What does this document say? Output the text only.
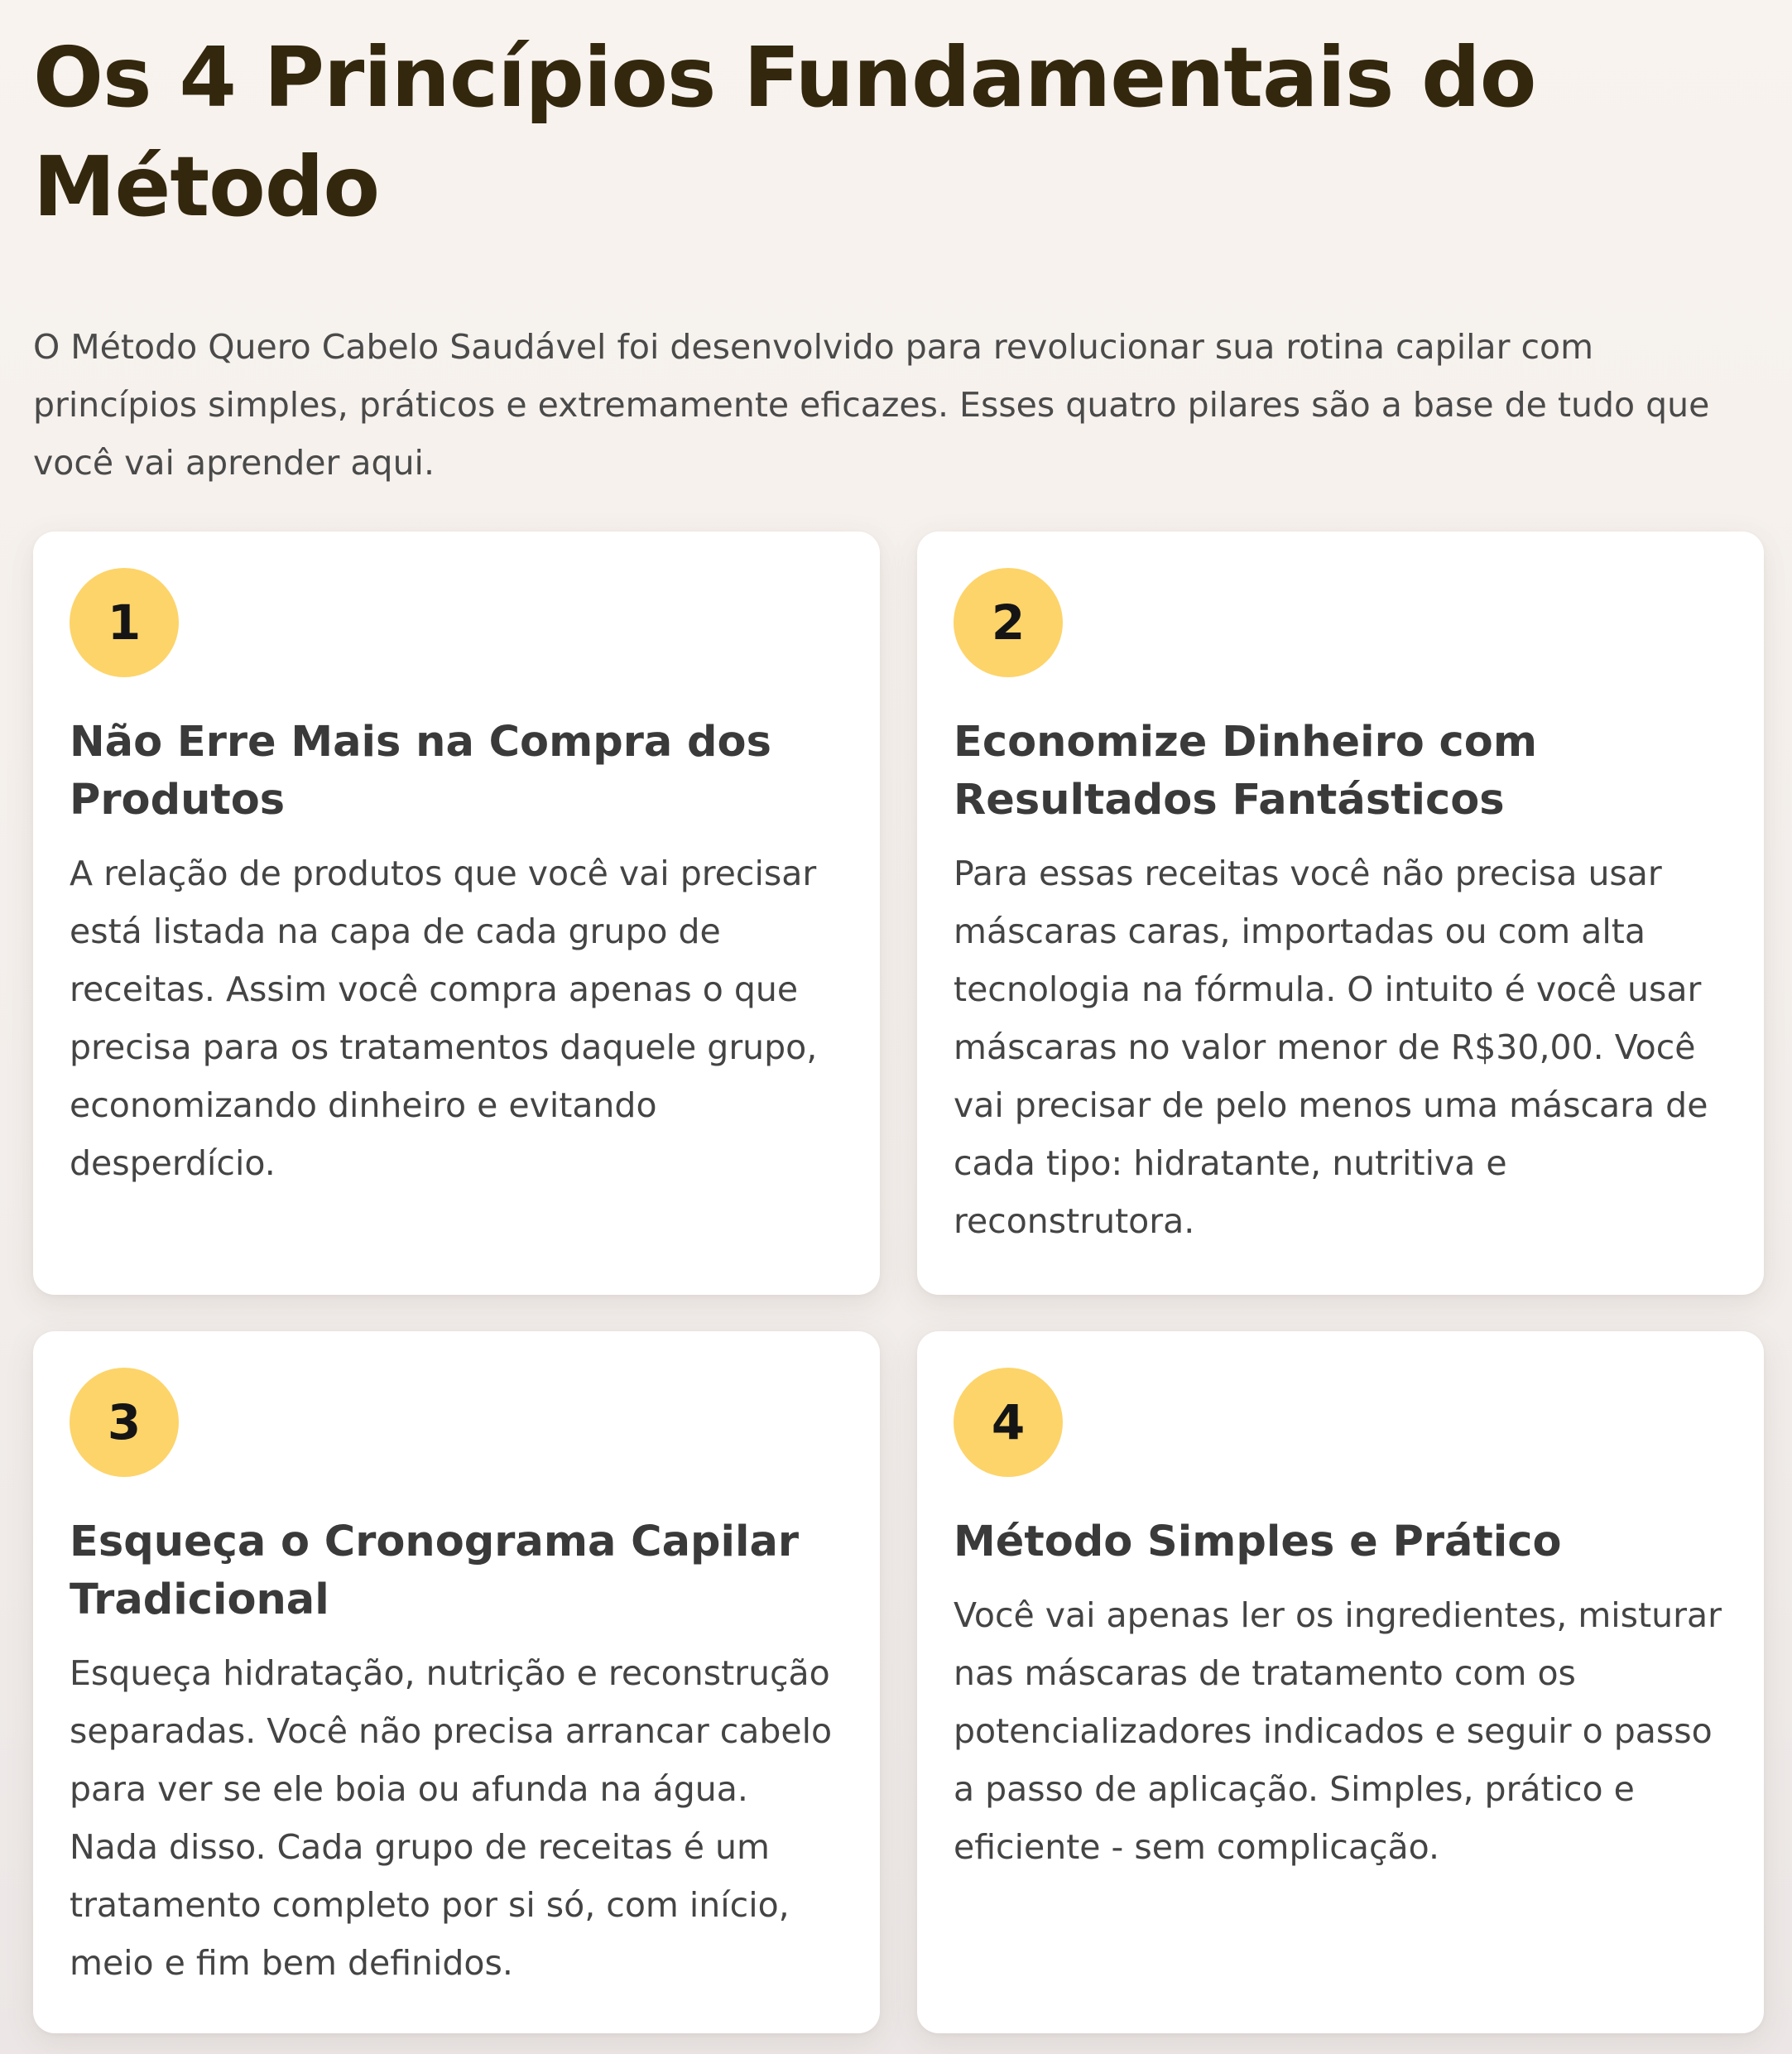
Os 4 Princípios Fundamentais do Método

O Método Quero Cabelo Saudável foi desenvolvido para revolucionar sua rotina capilar com princípios simples, práticos e extremamente eficazes. Esses quatro pilares são a base de tudo que você vai aprender aqui.

1
Não Erre Mais na Compra dos Produtos

A relação de produtos que você vai precisar está listada na capa de cada grupo de receitas. Assim você compra apenas o que precisa para os tratamentos daquele grupo, economizando dinheiro e evitando desperdício.

2
Economize Dinheiro com Resultados Fantásticos

Para essas receitas você não precisa usar máscaras caras, importadas ou com alta tecnologia na fórmula. O intuito é você usar máscaras no valor menor de R$30,00. Você vai precisar de pelo menos uma máscara de cada tipo: hidratante, nutritiva e reconstrutora.

3
Esqueça o Cronograma Capilar Tradicional

Esqueça hidratação, nutrição e reconstrução separadas. Você não precisa arrancar cabelo para ver se ele boia ou afunda na água. Nada disso. Cada grupo de receitas é um tratamento completo por si só, com início, meio e fim bem definidos.

4
Método Simples e Prático

Você vai apenas ler os ingredientes, misturar nas máscaras de tratamento com os potencializadores indicados e seguir o passo a passo de aplicação. Simples, prático e eficiente - sem complicação.
